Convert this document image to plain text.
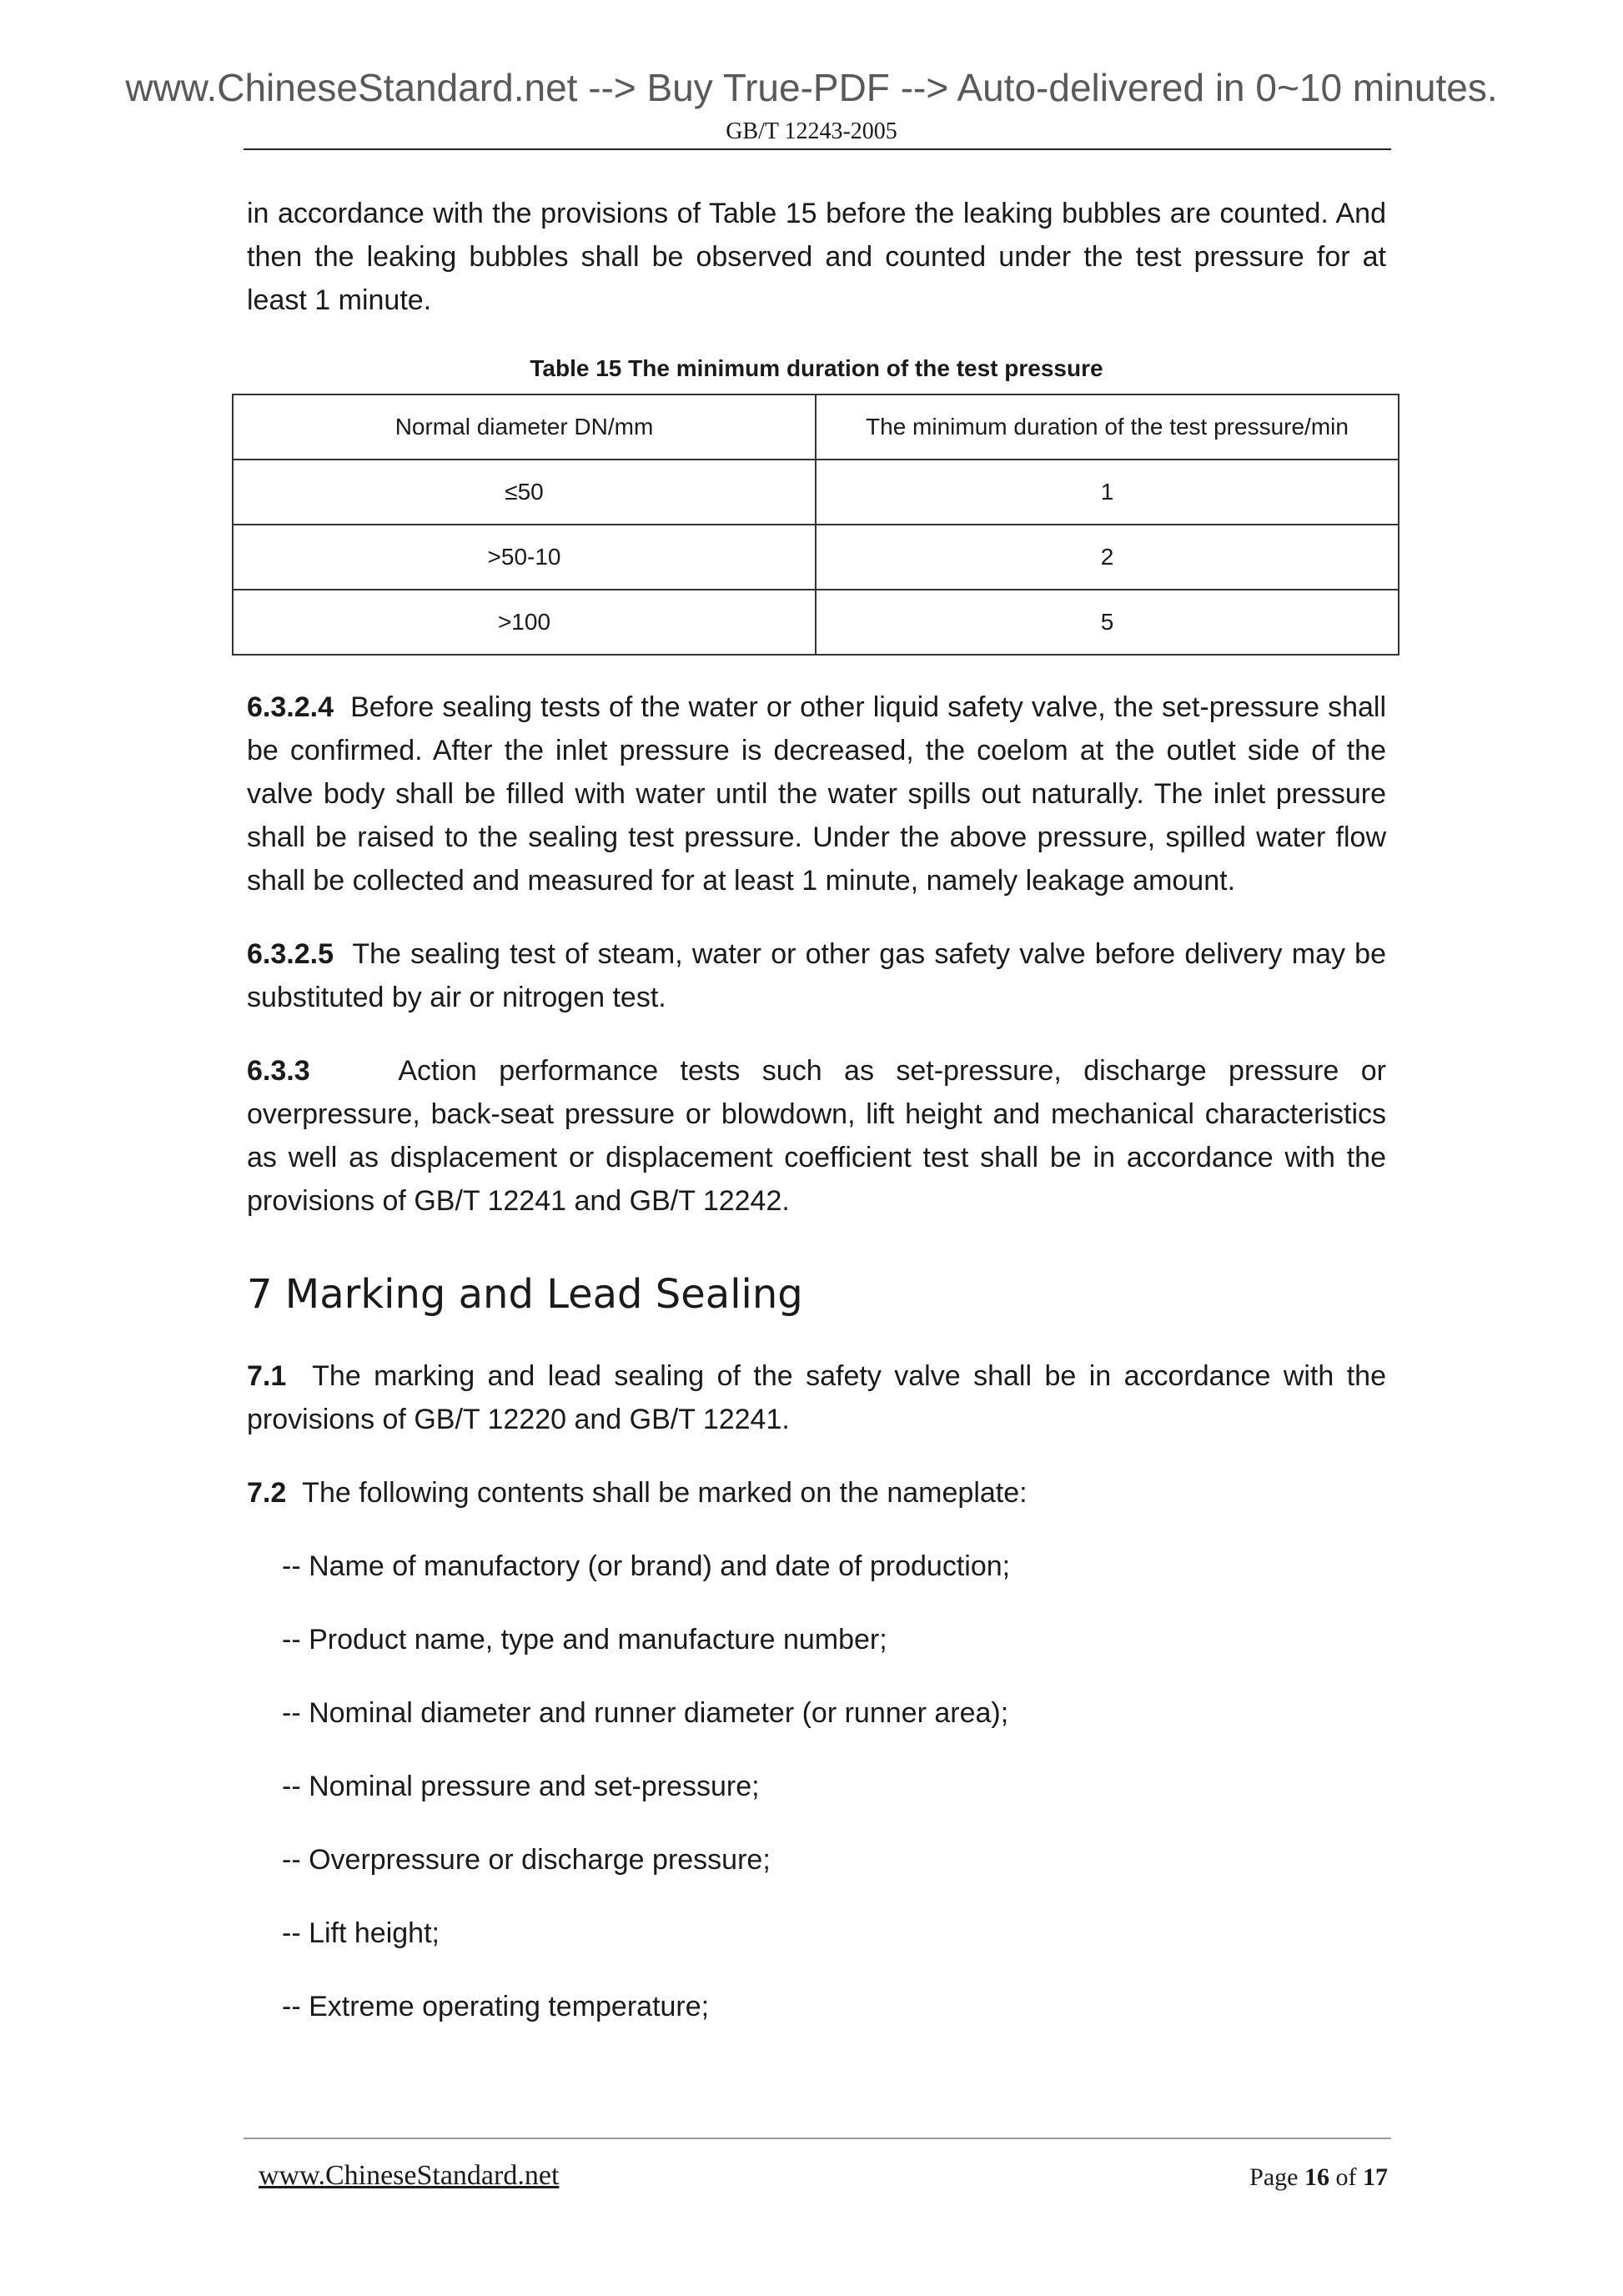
www.ChineseStandard.net --> Buy True-PDF --> Auto-delivered in 0~10 minutes.
GB/T 12243-2005

in accordance with the provisions of Table 15 before the leaking bubbles are counted. And then the leaking bubbles shall be observed and counted under the test pressure for at least 1 minute.

Table 15 The minimum duration of the test pressure
Normal diameter DN/mm	The minimum duration of the test pressure/min
≤50	1
>50-10	2
>100	5

6.3.2.4 Before sealing tests of the water or other liquid safety valve, the set-pressure shall be confirmed. After the inlet pressure is decreased, the coelom at the outlet side of the valve body shall be filled with water until the water spills out naturally. The inlet pressure shall be raised to the sealing test pressure. Under the above pressure, spilled water flow shall be collected and measured for at least 1 minute, namely leakage amount.

6.3.2.5 The sealing test of steam, water or other gas safety valve before delivery may be substituted by air or nitrogen test.

6.3.3	Action performance tests such as set-pressure, discharge pressure or overpressure, back-seat pressure or blowdown, lift height and mechanical characteristics as well as displacement or displacement coefficient test shall be in accordance with the provisions of GB/T 12241 and GB/T 12242.

7 Marking and Lead Sealing

7.1 The marking and lead sealing of the safety valve shall be in accordance with the provisions of GB/T 12220 and GB/T 12241.

7.2 The following contents shall be marked on the nameplate:

-- Name of manufactory (or brand) and date of production;
-- Product name, type and manufacture number;
-- Nominal diameter and runner diameter (or runner area);
-- Nominal pressure and set-pressure;
-- Overpressure or discharge pressure;
-- Lift height;
-- Extreme operating temperature;
www.ChineseStandard.net	Page 16 of 17
